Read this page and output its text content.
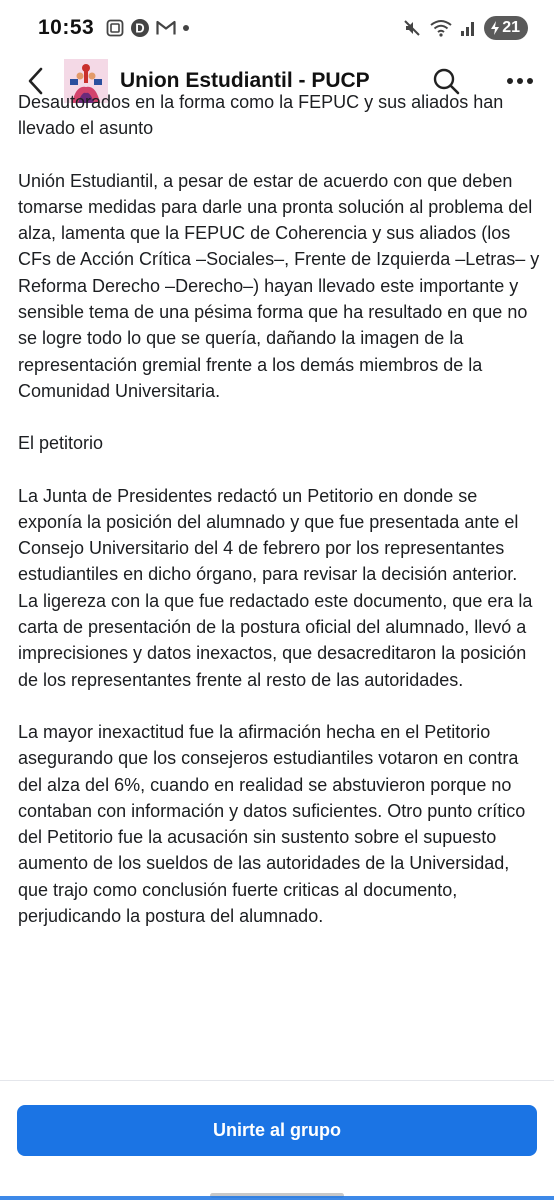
10:53	D	21
Union Estudiantil - PUCP

Desautorados en la forma como la FEPUC y sus aliados han llevado el asunto

Unión Estudiantil, a pesar de estar de acuerdo con que deben tomarse medidas para darle una pronta solución al problema del alza, lamenta que la FEPUC de Coherencia y sus aliados (los CFs de Acción Crítica –Sociales–, Frente de Izquierda –Letras– y Reforma Derecho –Derecho–) hayan llevado este importante y sensible tema de una pésima forma que ha resultado en que no se logre todo lo que se quería, dañando la imagen de la representación gremial frente a los demás miembros de la Comunidad Universitaria.

El petitorio

La Junta de Presidentes redactó un Petitorio en donde se exponía la posición del alumnado y que fue presentada ante el Consejo Universitario del 4 de febrero por los representantes estudiantiles en dicho órgano, para revisar la decisión anterior. La ligereza con la que fue redactado este documento, que era la carta de presentación de la postura oficial del alumnado, llevó a imprecisiones y datos inexactos, que desacreditaron la posición de los representantes frente al resto de las autoridades.

La mayor inexactitud fue la afirmación hecha en el Petitorio asegurando que los consejeros estudiantiles votaron en contra del alza del 6%, cuando en realidad se abstuvieron porque no contaban con información y datos suficientes. Otro punto crítico del Petitorio fue la acusación sin sustento sobre el supuesto aumento de los sueldos de las autoridades de la Universidad, que trajo como conclusión fuerte criticas al documento, perjudicando la postura del alumnado.

Unirte al grupo
